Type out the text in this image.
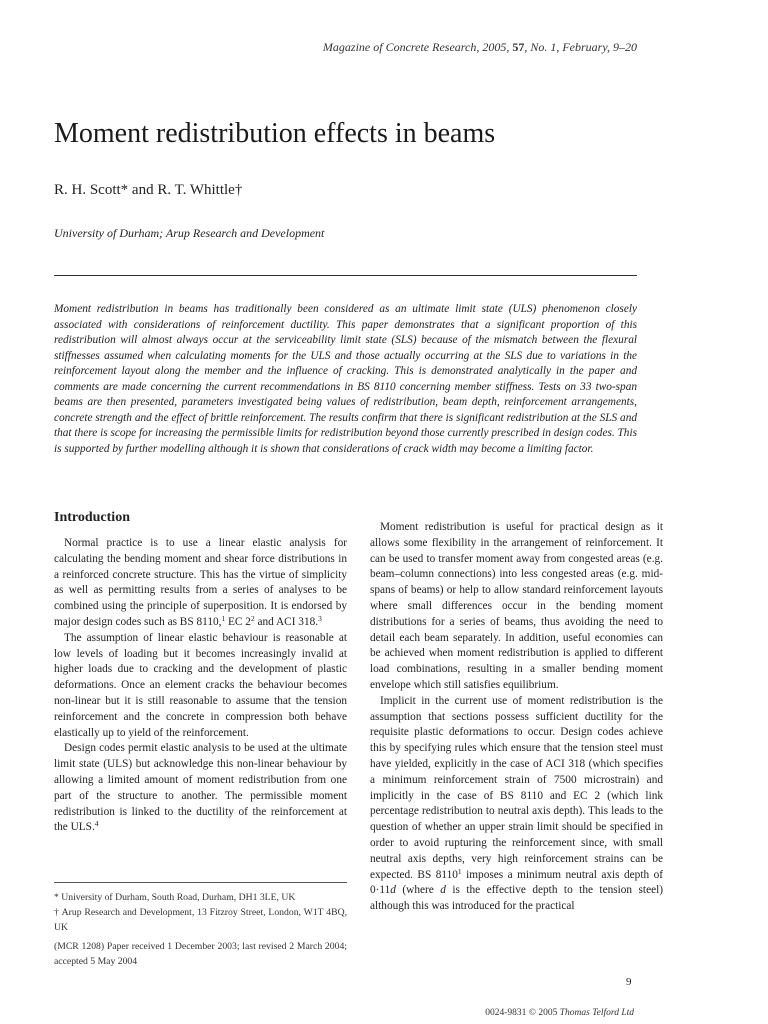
Magazine of Concrete Research, 2005, 57, No. 1, February, 9–20
Moment redistribution effects in beams
R. H. Scott* and R. T. Whittle†
University of Durham; Arup Research and Development
Moment redistribution in beams has traditionally been considered as an ultimate limit state (ULS) phenomenon closely associated with considerations of reinforcement ductility. This paper demonstrates that a significant proportion of this redistribution will almost always occur at the serviceability limit state (SLS) because of the mismatch between the flexural stiffnesses assumed when calculating moments for the ULS and those actually occurring at the SLS due to variations in the reinforcement layout along the member and the influence of cracking. This is demonstrated analytically in the paper and comments are made concerning the current recommendations in BS 8110 concerning member stiffness. Tests on 33 two-span beams are then presented, parameters investigated being values of redistribution, beam depth, reinforcement arrangements, concrete strength and the effect of brittle reinforcement. The results confirm that there is significant redistribution at the SLS and that there is scope for increasing the permissible limits for redistribution beyond those currently prescribed in design codes. This is supported by further modelling although it is shown that considerations of crack width may become a limiting factor.
Introduction

Normal practice is to use a linear elastic analysis for calculating the bending moment and shear force distributions in a reinforced concrete structure. This has the virtue of simplicity as well as permitting results from a series of analyses to be combined using the principle of superposition. It is endorsed by major design codes such as BS 8110,$^1$ EC $2^2$ and ACI 318.$^3$

The assumption of linear elastic behaviour is reasonable at low levels of loading but it becomes increasingly invalid at higher loads due to cracking and the development of plastic deformations. Once an element cracks the behaviour becomes non-linear but it is still reasonable to assume that the tension reinforcement and the concrete in compression both behave elastically up to yield of the reinforcement.

Design codes permit elastic analysis to be used at the ultimate limit state (ULS) but acknowledge this non-linear behaviour by allowing a limited amount of moment redistribution from one part of the structure to another. The permissible moment redistribution is linked to the ductility of the reinforcement at the ULS.$^4$

Moment redistribution is useful for practical design as it allows some flexibility in the arrangement of reinforcement. It can be used to transfer moment away from congested areas (e.g. beam–column connections) into less congested areas (e.g. mid-spans of beams) or help to allow standard reinforcement layouts where small differences occur in the bending moment distributions for a series of beams, thus avoiding the need to detail each beam separately. In addition, useful economies can be achieved when moment redistribution is applied to different load combinations, resulting in a smaller bending moment envelope which still satisfies equilibrium.

Implicit in the current use of moment redistribution is the assumption that sections possess sufficient ductility for the requisite plastic deformations to occur. Design codes achieve this by specifying rules which ensure that the tension steel must have yielded, explicitly in the case of ACI 318 (which specifies a minimum reinforcement strain of 7500 microstrain) and implicitly in the case of BS 8110 and EC 2 (which link percentage redistribution to neutral axis depth). This leads to the question of whether an upper strain limit should be specified in order to avoid rupturing the reinforcement since, with small neutral axis depths, very high reinforcement strains can be expected. BS 8110$^1$ imposes a minimum neutral axis depth of 0·11d (where d is the effective depth to the tension steel) although this was introduced for the practical

* University of Durham, South Road, Durham, DH1 3LE, UK
† Arup Research and Development, 13 Fitzroy Street, London, W1T 4BQ, UK
(MCR 1208) Paper received 1 December 2003; last revised 2 March 2004; accepted 5 May 2004
9
0024-9831 © 2005 Thomas Telford Ltd
